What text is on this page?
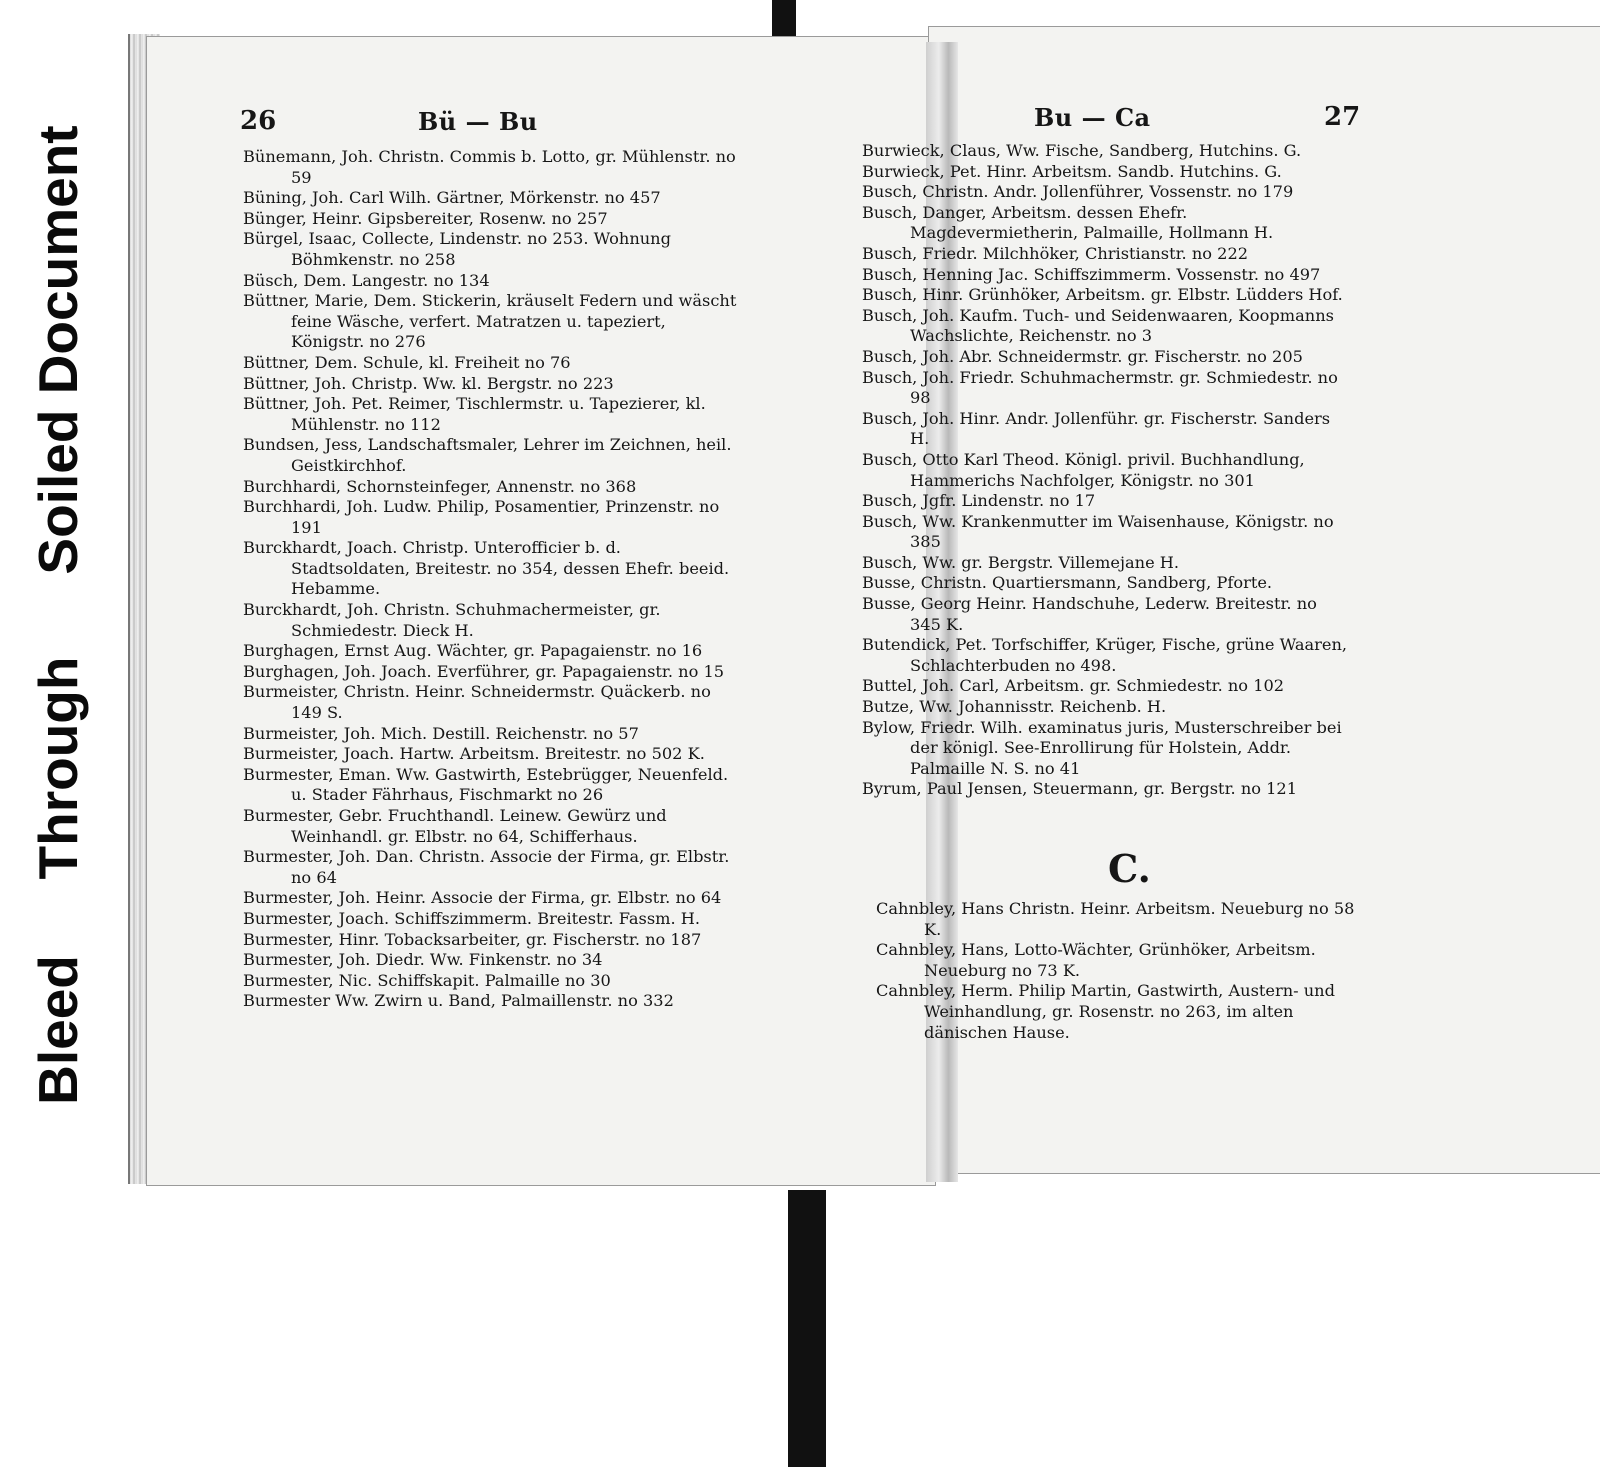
Bleed
Through
Soiled Document
26	Bü — Bu	27
Bu — Ca

Bünemann, Joh. Christn. Commis b. Lotto, gr. Mühlenstr. no 59

Büning, Joh. Carl Wilh. Gärtner, Mörkenstr. no 457

Bünger, Heinr. Gipsbereiter, Rosenw. no 257

Bürgel, Isaac, Collecte, Lindenstr. no 253. Wohnung Böhmkenstr. no 258

Büsch, Dem. Langestr. no 134

Büttner, Marie, Dem. Stickerin, kräuselt Federn und wäscht feine Wäsche, verfert. Matratzen u. tapeziert, Königstr. no 276

Büttner, Dem. Schule, kl. Freiheit no 76

Büttner, Joh. Christp. Ww. kl. Bergstr. no 223

Büttner, Joh. Pet. Reimer, Tischlermstr. u. Tapezierer, kl. Mühlenstr. no 112

Bundsen, Jess, Landschaftsmaler, Lehrer im Zeichnen, heil. Geistkirchhof.

Burchhardi, Schornsteinfeger, Annenstr. no 368

Burchhardi, Joh. Ludw. Philip, Posamentier, Prinzenstr. no 191

Burckhardt, Joach. Christp. Unterofficier b. d. Stadtsoldaten, Breitestr. no 354, dessen Ehefr. beeid. Hebamme.

Burckhardt, Joh. Christn. Schuhmachermeister, gr. Schmiedestr. Dieck H.

Burghagen, Ernst Aug. Wächter, gr. Papagaienstr. no 16

Burghagen, Joh. Joach. Everführer, gr. Papagaienstr. no 15

Burmeister, Christn. Heinr. Schneidermstr. Quäckerb. no 149 S.

Burmeister, Joh. Mich. Destill. Reichenstr. no 57

Burmeister, Joach. Hartw. Arbeitsm. Breitestr. no 502 K.

Burmester, Eman. Ww. Gastwirth, Estebrügger, Neuenfeld. u. Stader Fährhaus, Fischmarkt no 26

Burmester, Gebr. Fruchthandl. Leinew. Gewürz und Weinhandl. gr. Elbstr. no 64, Schifferhaus.

Burmester, Joh. Dan. Christn. Associe der Firma, gr. Elbstr. no 64

Burmester, Joh. Heinr. Associe der Firma, gr. Elbstr. no 64

Burmester, Joach. Schiffszimmerm. Breitestr. Fassm. H.

Burmester, Hinr. Tobacksarbeiter, gr. Fischerstr. no 187

Burmester, Joh. Diedr. Ww. Finkenstr. no 34

Burmester, Nic. Schiffskapit. Palmaille no 30

Burmester Ww. Zwirn u. Band, Palmaillenstr. no 332

Burwieck, Claus, Ww. Fische, Sandberg, Hutchins. G.

Burwieck, Pet. Hinr. Arbeitsm. Sandb. Hutchins. G.

Busch, Christn. Andr. Jollenführer, Vossenstr. no 179

Busch, Danger, Arbeitsm. dessen Ehefr. Magdevermietherin, Palmaille, Hollmann H.

Busch, Friedr. Milchhöker, Christianstr. no 222

Busch, Henning Jac. Schiffszimmerm. Vossenstr. no 497

Busch, Hinr. Grünhöker, Arbeitsm. gr. Elbstr. Lüdders Hof.

Busch, Joh. Kaufm. Tuch- und Seidenwaaren, Koopmanns Wachslichte, Reichenstr. no 3

Busch, Joh. Abr. Schneidermstr. gr. Fischerstr. no 205

Busch, Joh. Friedr. Schuhmachermstr. gr. Schmiedestr. no 98

Busch, Joh. Hinr. Andr. Jollenführ. gr. Fischerstr. Sanders H.

Busch, Otto Karl Theod. Königl. privil. Buchhandlung, Hammerichs Nachfolger, Königstr. no 301

Busch, Jgfr. Lindenstr. no 17

Busch, Ww. Krankenmutter im Waisenhause, Königstr. no 385

Busch, Ww. gr. Bergstr. Villemejane H.

Busse, Christn. Quartiersmann, Sandberg, Pforte.

Busse, Georg Heinr. Handschuhe, Lederw. Breitestr. no 345 K.

Butendick, Pet. Torfschiffer, Krüger, Fische, grüne Waaren, Schlachterbuden no 498.

Buttel, Joh. Carl, Arbeitsm. gr. Schmiedestr. no 102

Butze, Ww. Johannisstr. Reichenb. H.

Bylow, Friedr. Wilh. examinatus juris, Musterschreiber bei der königl. See-Enrollirung für Holstein, Addr. Palmaille N. S. no 41

Byrum, Paul Jensen, Steuermann, gr. Bergstr. no 121

C.

Cahnbley, Hans Christn. Heinr. Arbeitsm. Neueburg no 58 K.

Cahnbley, Hans, Lotto-Wächter, Grünhöker, Arbeitsm. Neueburg no 73 K.

Cahnbley, Herm. Philip Martin, Gastwirth, Austern- und Weinhandlung, gr. Rosenstr. no 263, im alten dänischen Hause.
